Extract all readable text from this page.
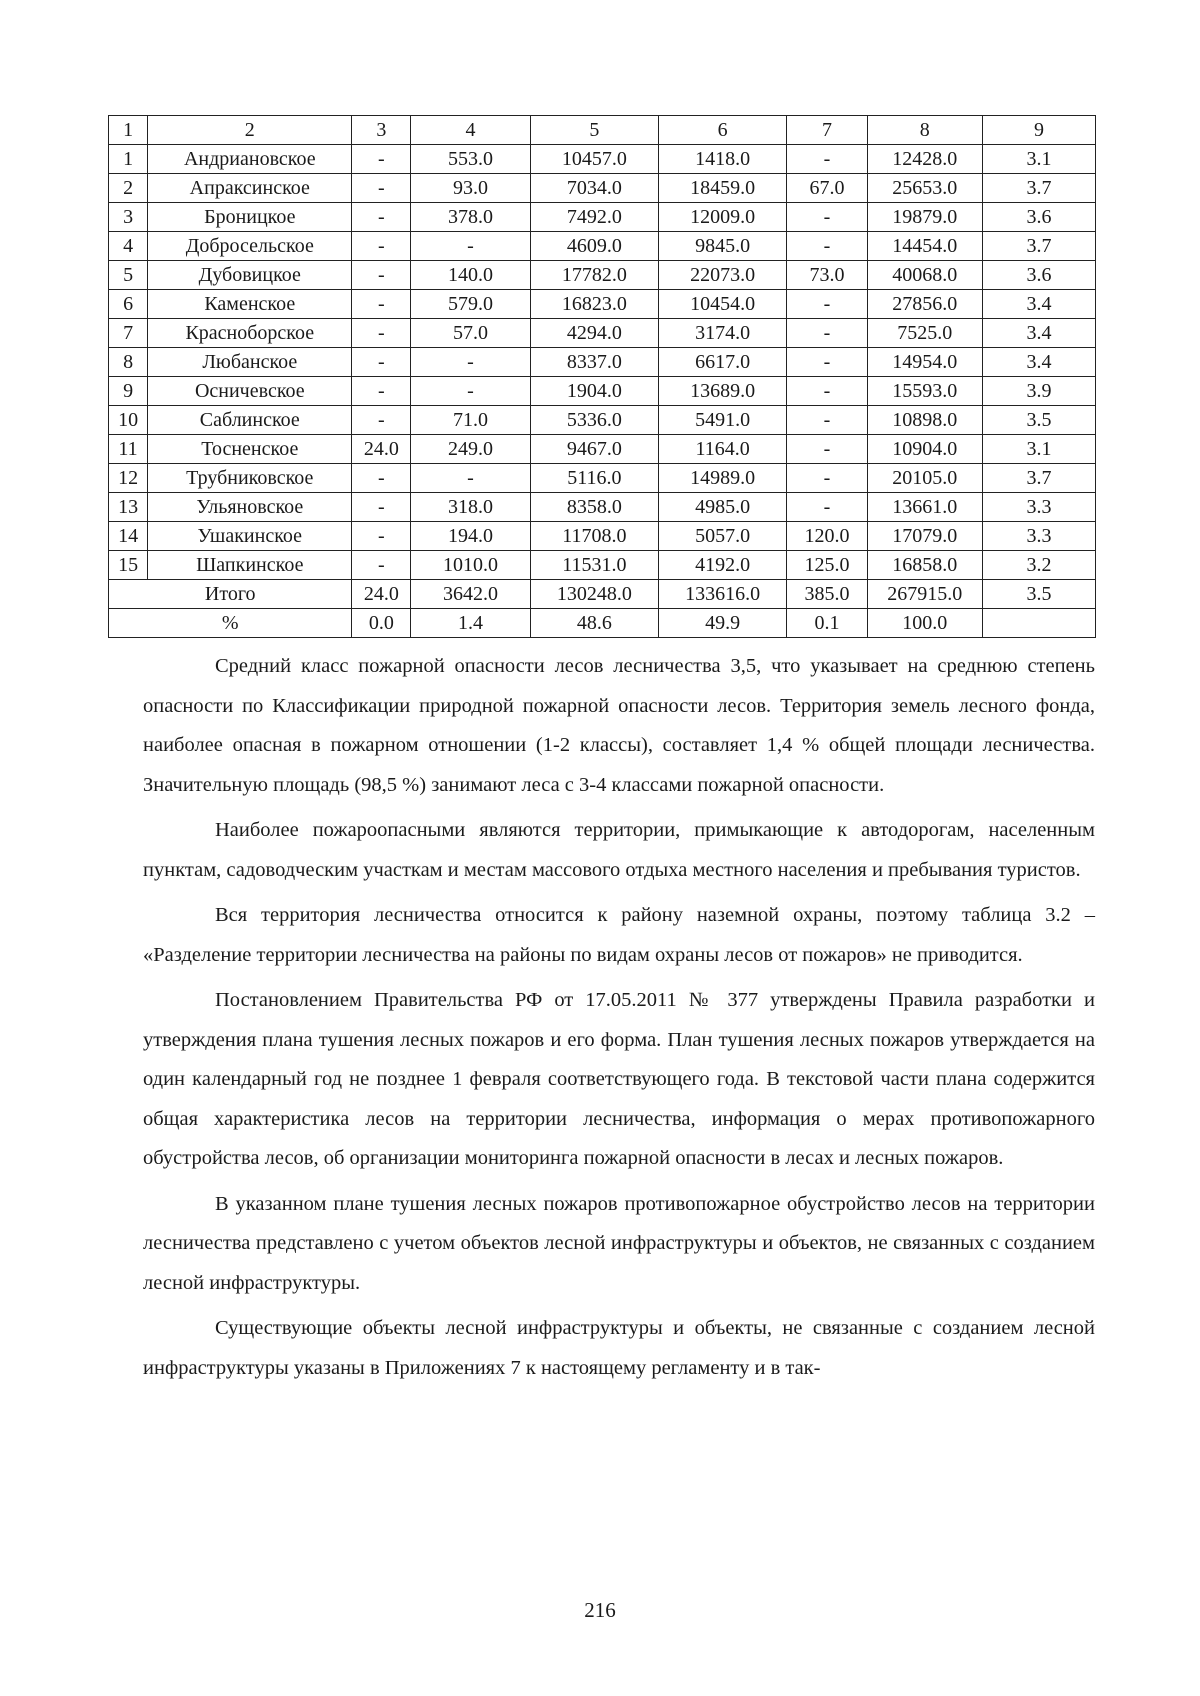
1	2	3	4	5	6	7	8	9
1	Андриановское	-	553.0	10457.0	1418.0	-	12428.0	3.1
2	Апраксинское	-	93.0	7034.0	18459.0	67.0	25653.0	3.7
3	Броницкое	-	378.0	7492.0	12009.0	-	19879.0	3.6
4	Добросельское	-	-	4609.0	9845.0	-	14454.0	3.7
5	Дубовицкое	-	140.0	17782.0	22073.0	73.0	40068.0	3.6
6	Каменское	-	579.0	16823.0	10454.0	-	27856.0	3.4
7	Красноборское	-	57.0	4294.0	3174.0	-	7525.0	3.4
8	Любанское	-	-	8337.0	6617.0	-	14954.0	3.4
9	Осничевское	-	-	1904.0	13689.0	-	15593.0	3.9
10	Саблинское	-	71.0	5336.0	5491.0	-	10898.0	3.5
11	Тосненское	24.0	249.0	9467.0	1164.0	-	10904.0	3.1
12	Трубниковское	-	-	5116.0	14989.0	-	20105.0	3.7
13	Ульяновское	-	318.0	8358.0	4985.0	-	13661.0	3.3
14	Ушакинское	-	194.0	11708.0	5057.0	120.0	17079.0	3.3
15	Шапкинское	-	1010.0	11531.0	4192.0	125.0	16858.0	3.2
Итого		24.0	3642.0	130248.0	133616.0	385.0	267915.0	3.5
%		0.0	1.4	48.6	49.9	0.1	100.0	

Средний класс пожарной опасности лесов лесничества 3,5, что указывает на среднюю степень опасности по Классификации природной пожарной опасности лесов. Территория земель лесного фонда, наиболее опасная в пожарном отношении (1-2 классы), составляет 1,4 % общей площади лесничества. Значительную площадь (98,5 %) занимают леса с 3-4 классами пожарной опасности.

Наиболее пожароопасными являются территории, примыкающие к автодорогам, населенным пунктам, садоводческим участкам и местам массового отдыха местного населения и пребывания туристов.

Вся территория лесничества относится к району наземной охраны, поэтому таблица 3.2 – «Разделение территории лесничества на районы по видам охраны лесов от пожаров» не приводится.

Постановлением Правительства РФ от 17.05.2011 № 377 утверждены Правила разработки и утверждения плана тушения лесных пожаров и его форма. План тушения лесных пожаров утверждается на один календарный год не позднее 1 февраля соответствующего года. В текстовой части плана содержится общая характеристика лесов на территории лесничества, информация о мерах противопожарного обустройства лесов, об организации мониторинга пожарной опасности в лесах и лесных пожаров.

В указанном плане тушения лесных пожаров противопожарное обустройство лесов на территории лесничества представлено с учетом объектов лесной инфраструктуры и объектов, не связанных с созданием лесной инфраструктуры.

Существующие объекты лесной инфраструктуры и объекты, не связанные с созданием лесной инфраструктуры указаны в Приложениях 7 к настоящему регламенту и в так-

216
